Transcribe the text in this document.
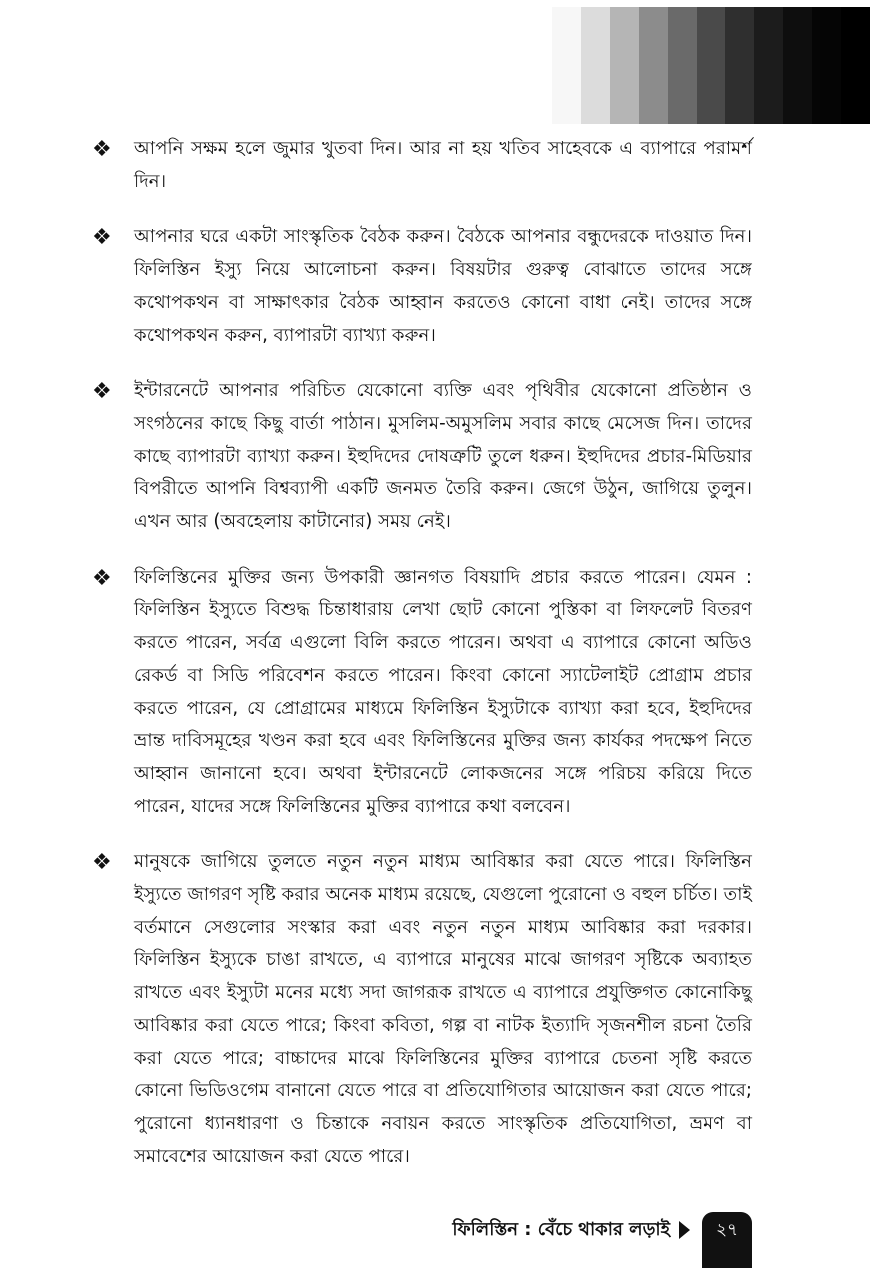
❖	আপনি সক্ষম হলে জুমার খুতবা দিন। আর না হয় খতিব সাহেবকে এ ব্যাপারে পরামর্শ দিন।

❖	আপনার ঘরে একটা সাংস্কৃতিক বৈঠক করুন। বৈঠকে আপনার বন্ধুদেরকে দাওয়াত দিন। ফিলিস্তিন ইস্যু নিয়ে আলোচনা করুন। বিষয়টার গুরুত্ব বোঝাতে তাদের সঙ্গে কথোপকথন বা সাক্ষাৎকার বৈঠক আহ্বান করতেও কোনো বাধা নেই। তাদের সঙ্গে কথোপকথন করুন, ব্যাপারটা ব্যাখ্যা করুন।

❖	ইন্টারনেটে আপনার পরিচিত যেকোনো ব্যক্তি এবং পৃথিবীর যেকোনো প্রতিষ্ঠান ও সংগঠনের কাছে কিছু বার্তা পাঠান। মুসলিম-অমুসলিম সবার কাছে মেসেজ দিন। তাদের কাছে ব্যাপারটা ব্যাখ্যা করুন। ইহুদিদের দোষত্রুটি তুলে ধরুন। ইহুদিদের প্রচার-মিডিয়ার বিপরীতে আপনি বিশ্বব্যাপী একটি জনমত তৈরি করুন। জেগে উঠুন, জাগিয়ে তুলুন। এখন আর (অবহেলায় কাটানোর) সময় নেই।

❖	ফিলিস্তিনের মুক্তির জন্য উপকারী জ্ঞানগত বিষয়াদি প্রচার করতে পারেন। যেমন : ফিলিস্তিন ইস্যুতে বিশুদ্ধ চিন্তাধারায় লেখা ছোট কোনো পুস্তিকা বা লিফলেট বিতরণ করতে পারেন, সর্বত্র এগুলো বিলি করতে পারেন। অথবা এ ব্যাপারে কোনো অডিও রেকর্ড বা সিডি পরিবেশন করতে পারেন। কিংবা কোনো স্যাটেলাইট প্রোগ্রাম প্রচার করতে পারেন, যে প্রোগ্রামের মাধ্যমে ফিলিস্তিন ইস্যুটাকে ব্যাখ্যা করা হবে, ইহুদিদের ভ্রান্ত দাবিসমূহের খণ্ডন করা হবে এবং ফিলিস্তিনের মুক্তির জন্য কার্যকর পদক্ষেপ নিতে আহ্বান জানানো হবে। অথবা ইন্টারনেটে লোকজনের সঙ্গে পরিচয় করিয়ে দিতে পারেন, যাদের সঙ্গে ফিলিস্তিনের মুক্তির ব্যাপারে কথা বলবেন।

❖	মানুষকে জাগিয়ে তুলতে নতুন নতুন মাধ্যম আবিষ্কার করা যেতে পারে। ফিলিস্তিন ইস্যুতে জাগরণ সৃষ্টি করার অনেক মাধ্যম রয়েছে, যেগুলো পুরোনো ও বহুল চর্চিত। তাই বর্তমানে সেগুলোর সংস্কার করা এবং নতুন নতুন মাধ্যম আবিষ্কার করা দরকার। ফিলিস্তিন ইস্যুকে চাঙা রাখতে, এ ব্যাপারে মানুষের মাঝে জাগরণ সৃষ্টিকে অব্যাহত রাখতে এবং ইস্যুটা মনের মধ্যে সদা জাগরূক রাখতে এ ব্যাপারে প্রযুক্তিগত কোনোকিছু আবিষ্কার করা যেতে পারে; কিংবা কবিতা, গল্প বা নাটক ইত্যাদি সৃজনশীল রচনা তৈরি করা যেতে পারে; বাচ্চাদের মাঝে ফিলিস্তিনের মুক্তির ব্যাপারে চেতনা সৃষ্টি করতে কোনো ভিডিওগেম বানানো যেতে পারে বা প্রতিযোগিতার আয়োজন করা যেতে পারে; পুরোনো ধ্যানধারণা ও চিন্তাকে নবায়ন করতে সাংস্কৃতিক প্রতিযোগিতা, ভ্রমণ বা সমাবেশের আয়োজন করা যেতে পারে।

ফিলিস্তিন : বেঁচে থাকার লড়াই	২৭
